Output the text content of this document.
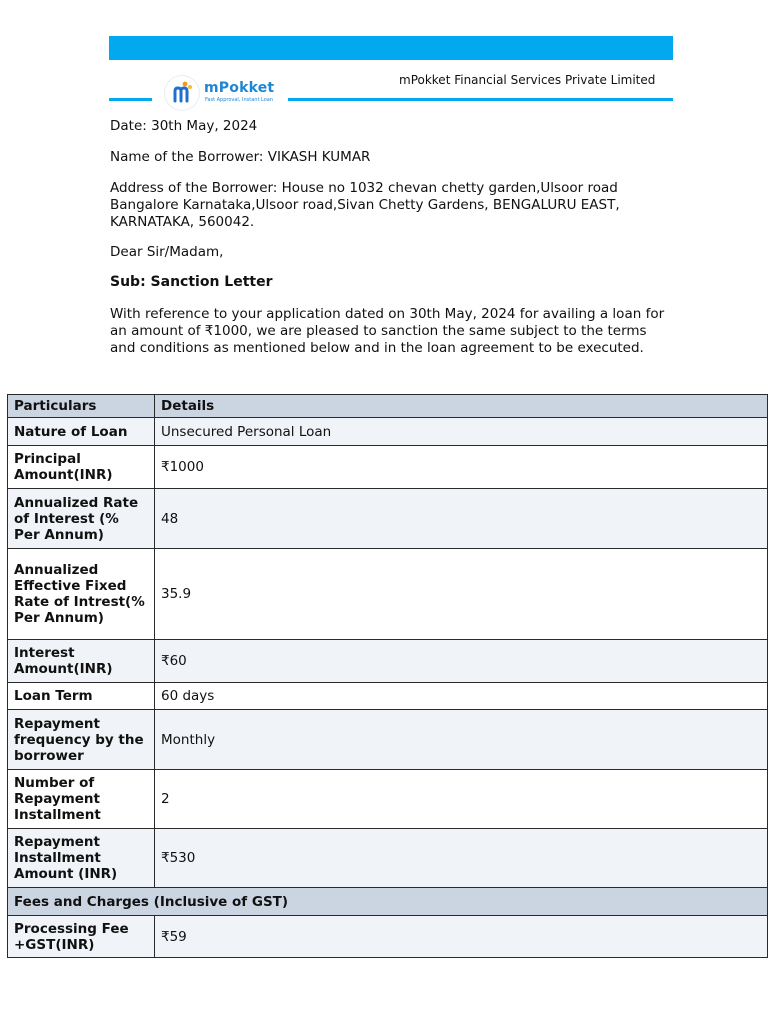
mPokket
Fast Approval, Instant Loan
mPokket Financial Services Private Limited

Date: 30th May, 2024

Name of the Borrower: VIKASH KUMAR

Address of the Borrower: House no 1032 chevan chetty garden,Ulsoor road Bangalore Karnataka,Ulsoor road,Sivan Chetty Gardens, BENGALURU EAST, KARNATAKA, 560042.

Dear Sir/Madam,

Sub: Sanction Letter

With reference to your application dated on 30th May, 2024 for availing a loan for an amount of ₹1000, we are pleased to sanction the same subject to the terms and conditions as mentioned below and in the loan agreement to be executed.

Particulars	Details
Nature of Loan	Unsecured Personal Loan
Principal Amount(INR)	₹1000
Annualized Rate of Interest (% Per Annum)	48
Annualized Effective Fixed Rate of Intrest(% Per Annum)	35.9
Interest Amount(INR)	₹60
Loan Term	60 days
Repayment frequency by the borrower	Monthly
Number of Repayment Installment	2
Repayment Installment Amount (INR)	₹530
Fees and Charges (Inclusive of GST)	
Processing Fee +GST(INR)	₹59
